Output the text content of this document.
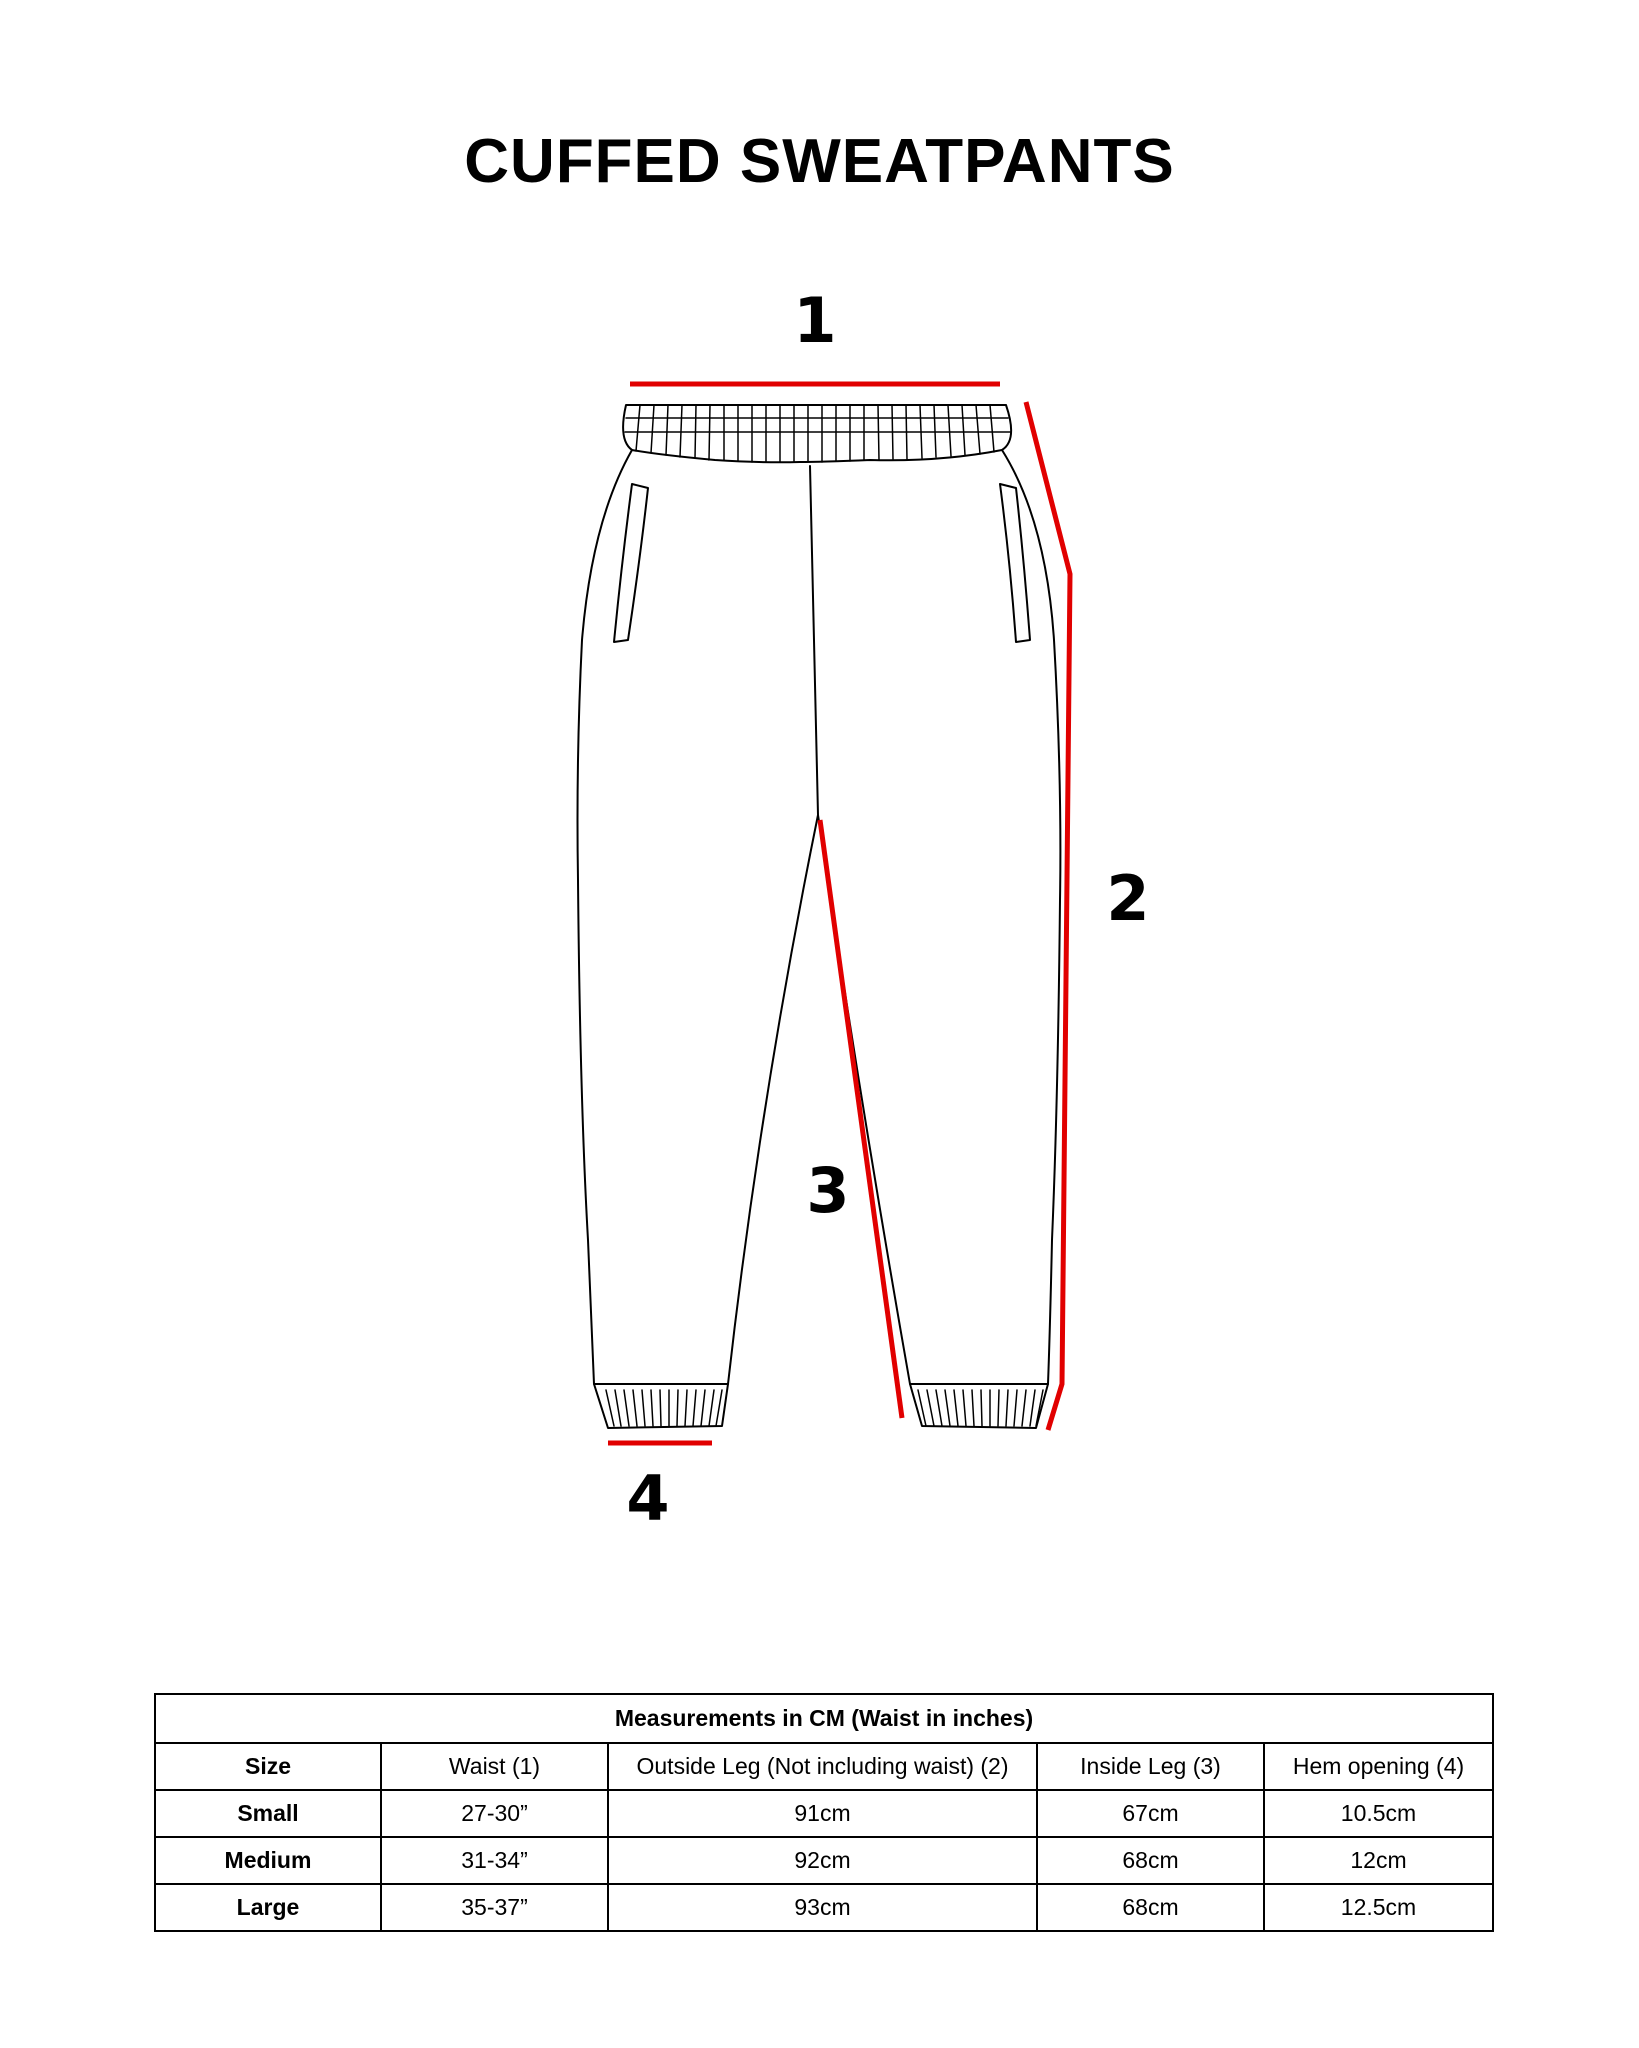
CUFFED SWEATPANTS
1
2
3
4
Measurements in CM (Waist in inches)				
Size	Waist (1)	Outside Leg (Not including waist) (2)	Inside Leg (3)	Hem opening (4)
Small	27-30”	91cm	67cm	10.5cm
Medium	31-34”	92cm	68cm	12cm
Large	35-37”	93cm	68cm	12.5cm
